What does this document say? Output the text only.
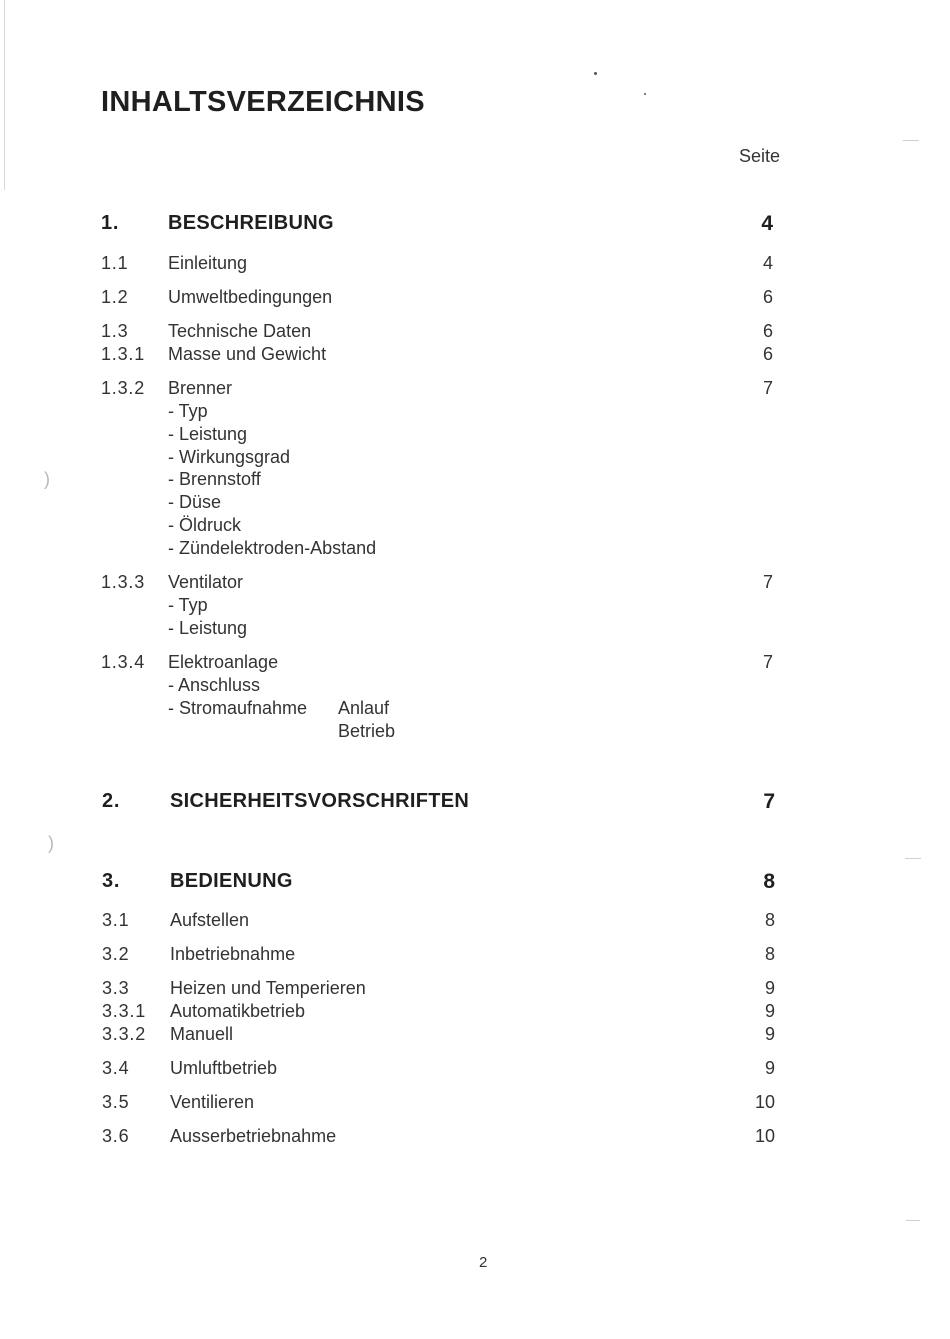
)
)
INHALTSVERZEICHNIS
Seite
1. BESCHREIBUNG	4
1.1 Einleitung	4
1.2 Umweltbedingungen	6
1.3 Technische Daten	6
1.3.1 Masse und Gewicht	6
1.3.2 Brenner	7
- Typ
- Leistung
- Wirkungsgrad
- Brennstoff
- Düse
- Öldruck
- Zündelektroden-Abstand
1.3.3 Ventilator	7
- Typ
- Leistung
1.3.4 Elektroanlage	7
- Anschluss
- Stromaufnahme Anlauf
Betrieb
2. SICHERHEITSVORSCHRIFTEN	7
3. BEDIENUNG	8
3.1 Aufstellen	8
3.2 Inbetriebnahme	8
3.3 Heizen und Temperieren	9
3.3.1 Automatikbetrieb	9
3.3.2 Manuell	9
3.4 Umluftbetrieb	9
3.5 Ventilieren	10
3.6 Ausserbetriebnahme	10
2
